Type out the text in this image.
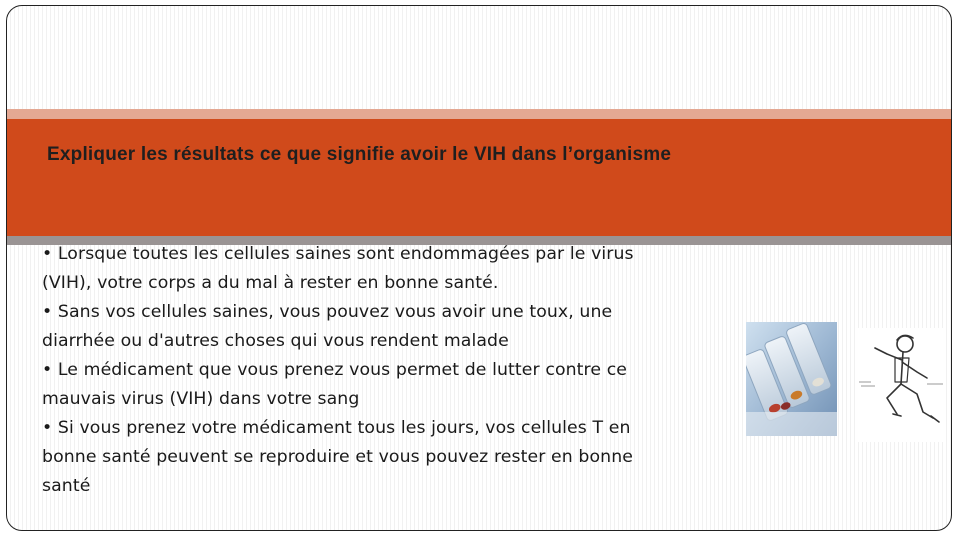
Expliquer les résultats ce que signifie avoir le VIH dans l’organisme

• Lorsque toutes les cellules saines sont endommagées par le virus (VIH), votre corps a du mal à rester en bonne santé.

• Sans vos cellules saines, vous pouvez vous avoir une toux, une diarrhée ou d'autres choses qui vous rendent malade

• Le médicament que vous prenez vous permet de lutter contre ce mauvais virus (VIH) dans votre sang

• Si vous prenez votre médicament tous les jours, vos cellules T en bonne santé peuvent se reproduire et vous pouvez rester en bonne santé
